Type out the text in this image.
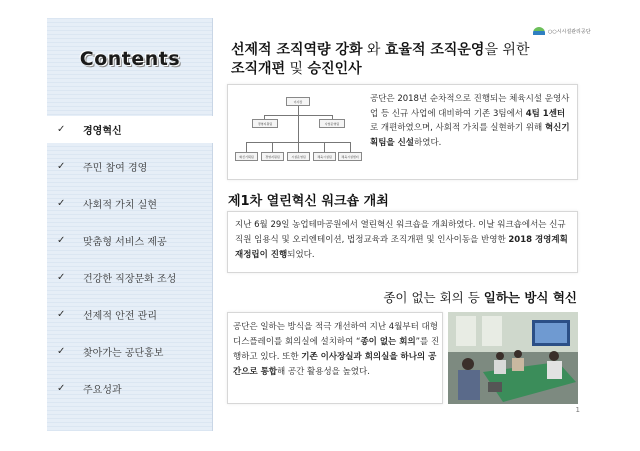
Contents
✓	경영혁신
✓	주민 참여 경영
✓	사회적 가치 실현
✓	맞춤형 서비스 제공
✓	건강한 직장문화 조성
✓	선제적 안전 관리
✓	찾아가는 공단홍보
✓	주요성과
○○시시설관리공단
선제적 조직역량 강화 와 효율적 조직운영을 위한
조직개편 및 승진인사
이사장
경영지원팀	사업운영팀
혁신기획팀	경영지원팀	시설운영팀	체육시설팀	체육시설센터
공단은 2018년 순차적으로 진행되는 체육시설 운영사업 등 신규 사업에 대비하여 기존 3팀에서 4팀 1센터로 개편하였으며, 사회적 가치를 실현하기 위해 혁신기획팀을 신설하였다.
제1차 열린혁신 워크숍 개최
지난 6월 29일 농업테마공원에서 열린혁신 워크숍을 개최하였다. 이날 워크숍에서는 신규 직원 임용식 및 오리엔테이션, 법정교육과 조직개편 및 인사이동을 반영한 2018 경영계획 재정립이 진행되었다.
종이 없는 회의 등 일하는 방식 혁신
공단은 일하는 방식을 적극 개선하여 지난 4월부터 대형 디스플레이를 회의실에 설치하여 “종이 없는 회의”를 진행하고 있다. 또한 기존 이사장실과 회의실을 하나의 공간으로 통합해 공간 활용성을 높였다.
1
